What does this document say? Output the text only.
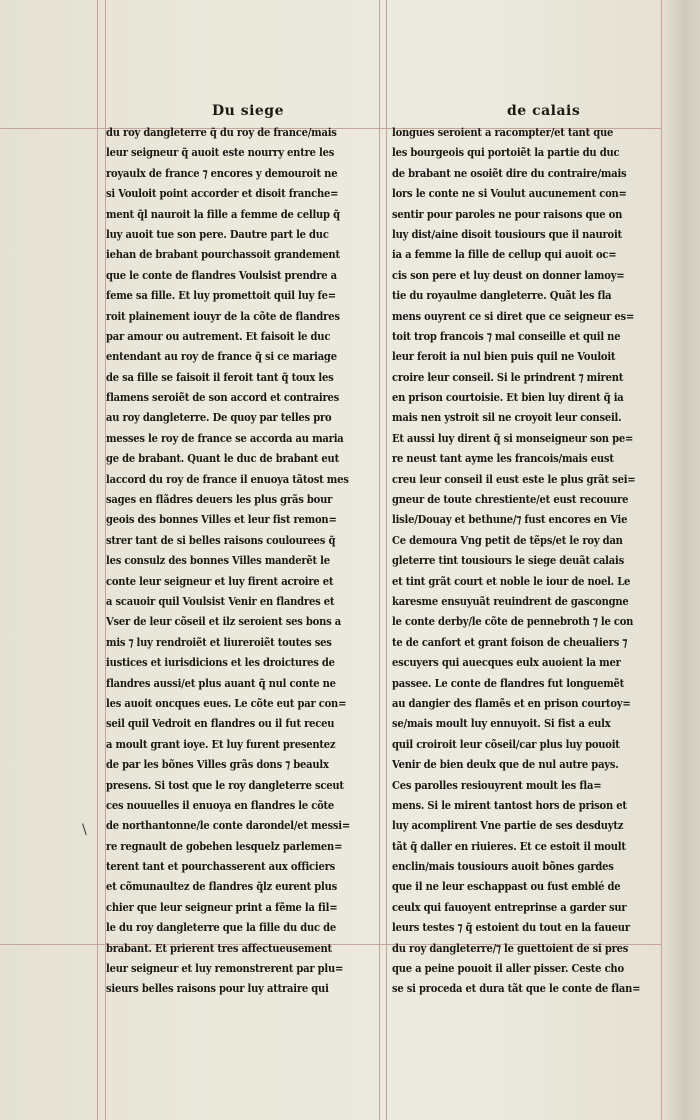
Du siege	de calais
\
du roy dangleterre q̃ du roy de france/mais
leur seigneur q̃ auoit este nourry entre les
royaulx de france ⁊ encores y demouroit ne
si Vouloit point accorder et disoit franche=
ment q̃l nauroit la fille a femme de cellup q̃
luy auoit tue son pere. Dautre part le duc
iehan de brabant pourchassoit grandement
que le conte de flandres Voulsist prendre a
feme sa fille. Et luy promettoit quil luy fe=
roit plainement iouyr de la cõte de flandres
par amour ou autrement. Et faisoit le duc
entendant au roy de france q̃ si ce mariage
de sa fille se faisoit il feroit tant q̃ toux les
flamens seroiẽt de son accord et contraires
au roy dangleterre. De quoy par telles pro
messes le roy de france se accorda au maria
ge de brabant. Quant le duc de brabant eut
laccord du roy de france il enuoya tãtost mes
sages en flãdres deuers les plus grãs bour
geois des bonnes Villes et leur fist remon=
strer tant de si belles raisons coulourees q̃
les consulz des bonnes Villes manderẽt le
conte leur seigneur et luy firent acroire et
a scauoir quil Voulsist Venir en flandres et
Vser de leur cõseil et ilz seroient ses bons a
mis ⁊ luy rendroiẽt et liureroiẽt toutes ses
iustices et iurisdicions et les droictures de
flandres aussi/et plus auant q̃ nul conte ne
les auoit oncques eues. Le cõte eut par con=
seil quil Vedroit en flandres ou il fut receu
a moult grant ioye. Et luy furent presentez
de par les bõnes Villes grãs dons ⁊ beaulx
presens. Si tost que le roy dangleterre sceut
ces nouuelles il enuoya en flandres le cõte
de northantonne/le conte darondel/et messi=
re regnault de gobehen lesquelz parlemen=
terent tant et pourchasserent aux officiers
et cõmunaultez de flandres q̃lz eurent plus
chier que leur seigneur print a fẽme la fil=
le du roy dangleterre que la fille du duc de
brabant. Et prierent tres affectueusement
leur seigneur et luy remonstrerent par plu=
sieurs belles raisons pour luy attraire qui
longues seroient a racompter/et tant que
les bourgeois qui portoiẽt la partie du duc
de brabant ne osoiẽt dire du contraire/mais
lors le conte ne si Voulut aucunement con=
sentir pour paroles ne pour raisons que on
luy dist/aine disoit tousiours que il nauroit
ia a femme la fille de cellup qui auoit oc=
cis son pere et luy deust on donner lamoy=
tie du royaulme dangleterre. Quãt les fla
mens ouyrent ce si diret que ce seigneur es=
toit trop francois ⁊ mal conseille et quil ne
leur feroit ia nul bien puis quil ne Vouloit
croire leur conseil. Si le prindrent ⁊ mirent
en prison courtoisie. Et bien luy dirent q̃ ia
mais nen ystroit sil ne croyoit leur conseil.
Et aussi luy dirent q̃ si monseigneur son pe=
re neust tant ayme les francois/mais eust
creu leur conseil il eust este le plus grãt sei=
gneur de toute chrestiente/et eust recouure
lisle/Douay et bethune/⁊ fust encores en Vie
Ce demoura Vng petit de tẽps/et le roy dan
gleterre tint tousiours le siege deuãt calais
et tint grãt court et noble le iour de noel. Le
karesme ensuyuãt reuindrent de gascongne
le conte derby/le cõte de pennebroth ⁊ le con
te de canfort et grant foison de cheualiers ⁊
escuyers qui auecques eulx auoient la mer
passee. Le conte de flandres fut longuemẽt
au dangier des flamẽs et en prison courtoy=
se/mais moult luy ennuyoit. Si fist a eulx
quil croiroit leur cõseil/car plus luy pouoit
Venir de bien deulx que de nul autre pays.
Ces parolles resiouyrent moult les fla=
mens. Si le mirent tantost hors de prison et
luy acomplirent Vne partie de ses desduytz
tãt q̃ daller en riuieres. Et ce estoit il moult
enclin/mais tousiours auoit bõnes gardes
que il ne leur eschappast ou fust emblé de
ceulx qui fauoyent entreprinse a garder sur
leurs testes ⁊ q̃ estoient du tout en la faueur
du roy dangleterre/⁊ le guettoient de si pres
que a peine pouoit il aller pisser. Ceste cho
se si proceda et dura tãt que le conte de flan=
